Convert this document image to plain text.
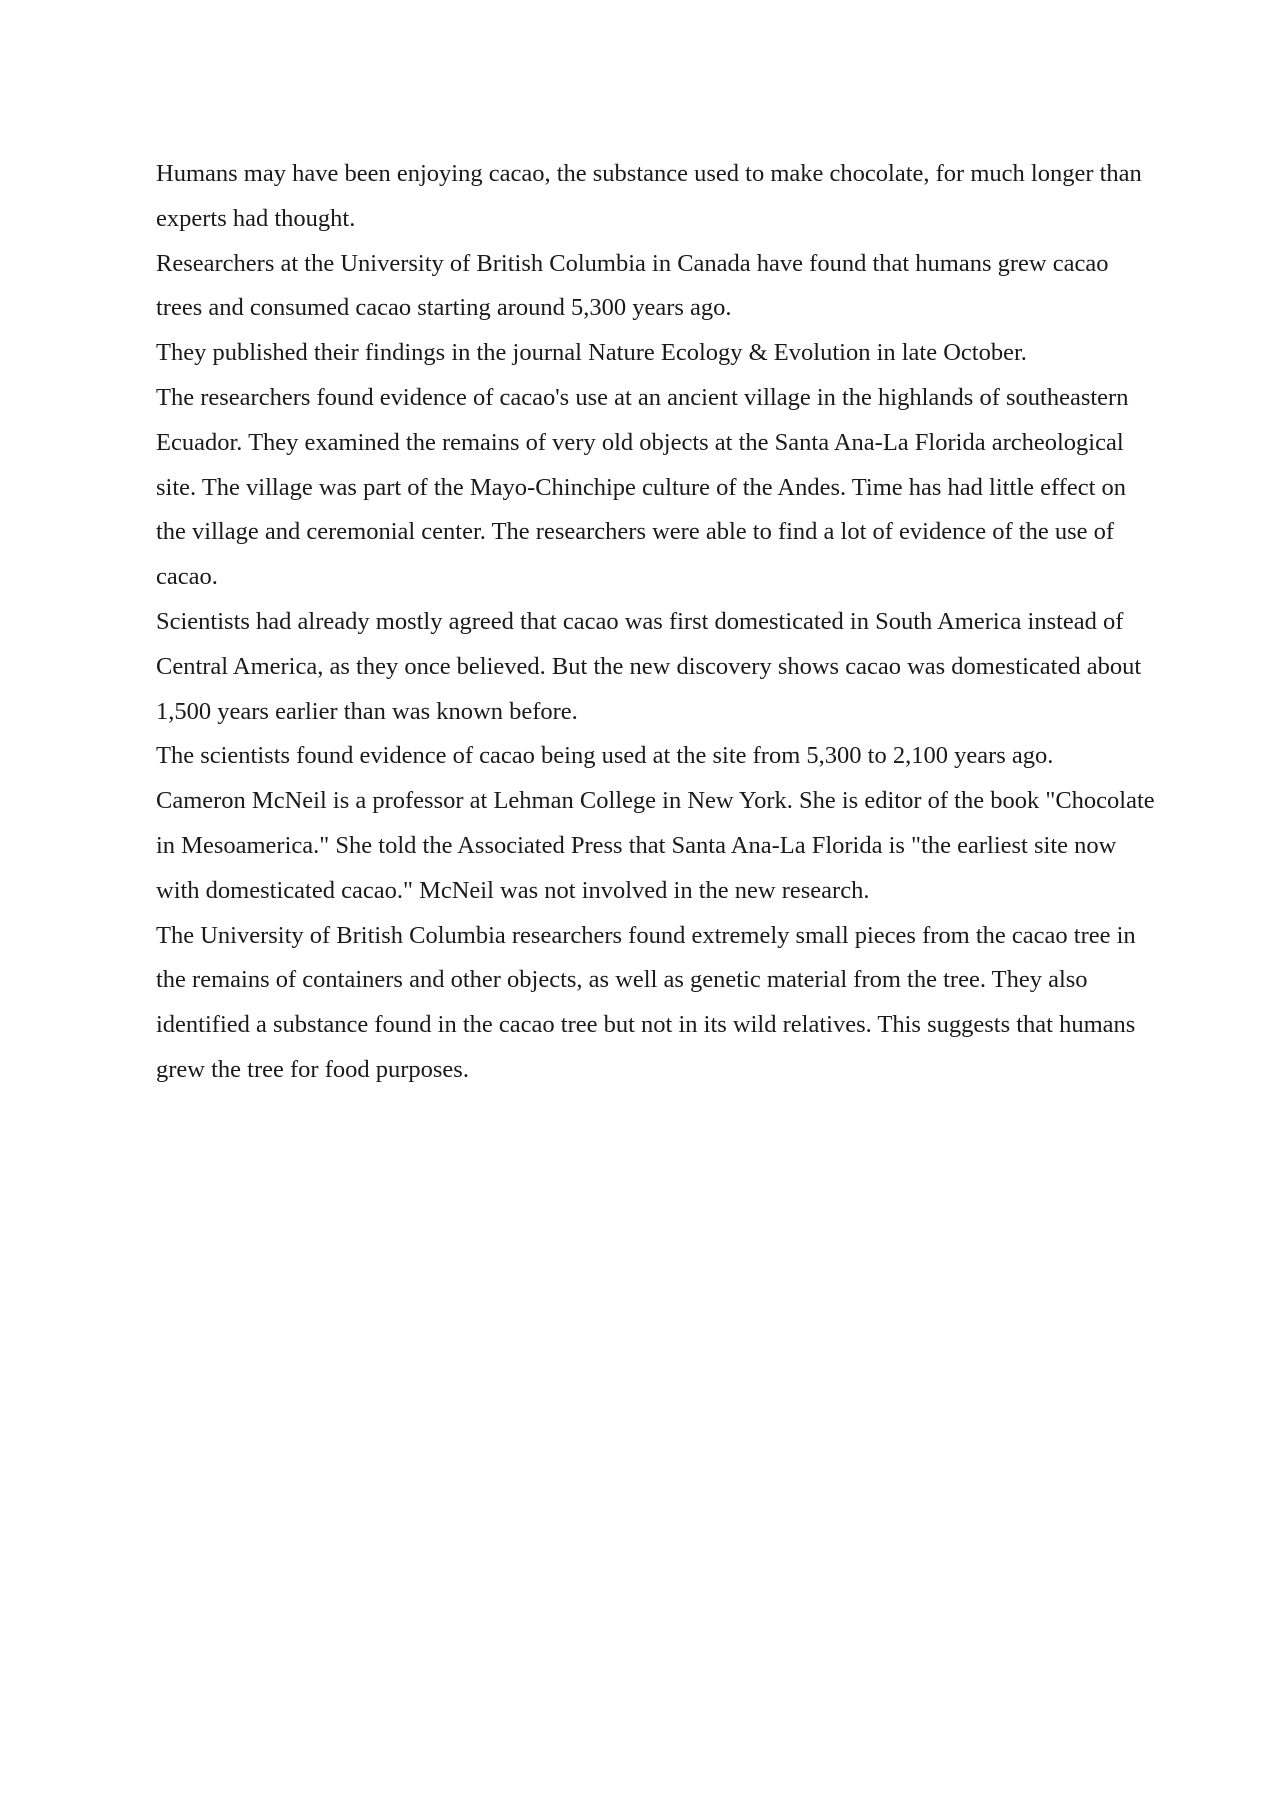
Humans may have been enjoying cacao, the substance used to make chocolate, for much longer than experts had thought.

Researchers at the University of British Columbia in Canada have found that humans grew cacao trees and consumed cacao starting around 5,300 years ago.

They published their findings in the journal Nature Ecology & Evolution in late October.

The researchers found evidence of cacao's use at an ancient village in the highlands of southeastern Ecuador. They examined the remains of very old objects at the Santa Ana-La Florida archeological site. The village was part of the Mayo-Chinchipe culture of the Andes. Time has had little effect on the village and ceremonial center. The researchers were able to find a lot of evidence of the use of cacao.

Scientists had already mostly agreed that cacao was first domesticated in South America instead of Central America, as they once believed. But the new discovery shows cacao was domesticated about 1,500 years earlier than was known before.

The scientists found evidence of cacao being used at the site from 5,300 to 2,100 years ago.

Cameron McNeil is a professor at Lehman College in New York. She is editor of the book "Chocolate in Mesoamerica." She told the Associated Press that Santa Ana-La Florida is "the earliest site now with domesticated cacao." McNeil was not involved in the new research.

The University of British Columbia researchers found extremely small pieces from the cacao tree in the remains of containers and other objects, as well as genetic material from the tree. They also identified a substance found in the cacao tree but not in its wild relatives. This suggests that humans grew the tree for food purposes.
